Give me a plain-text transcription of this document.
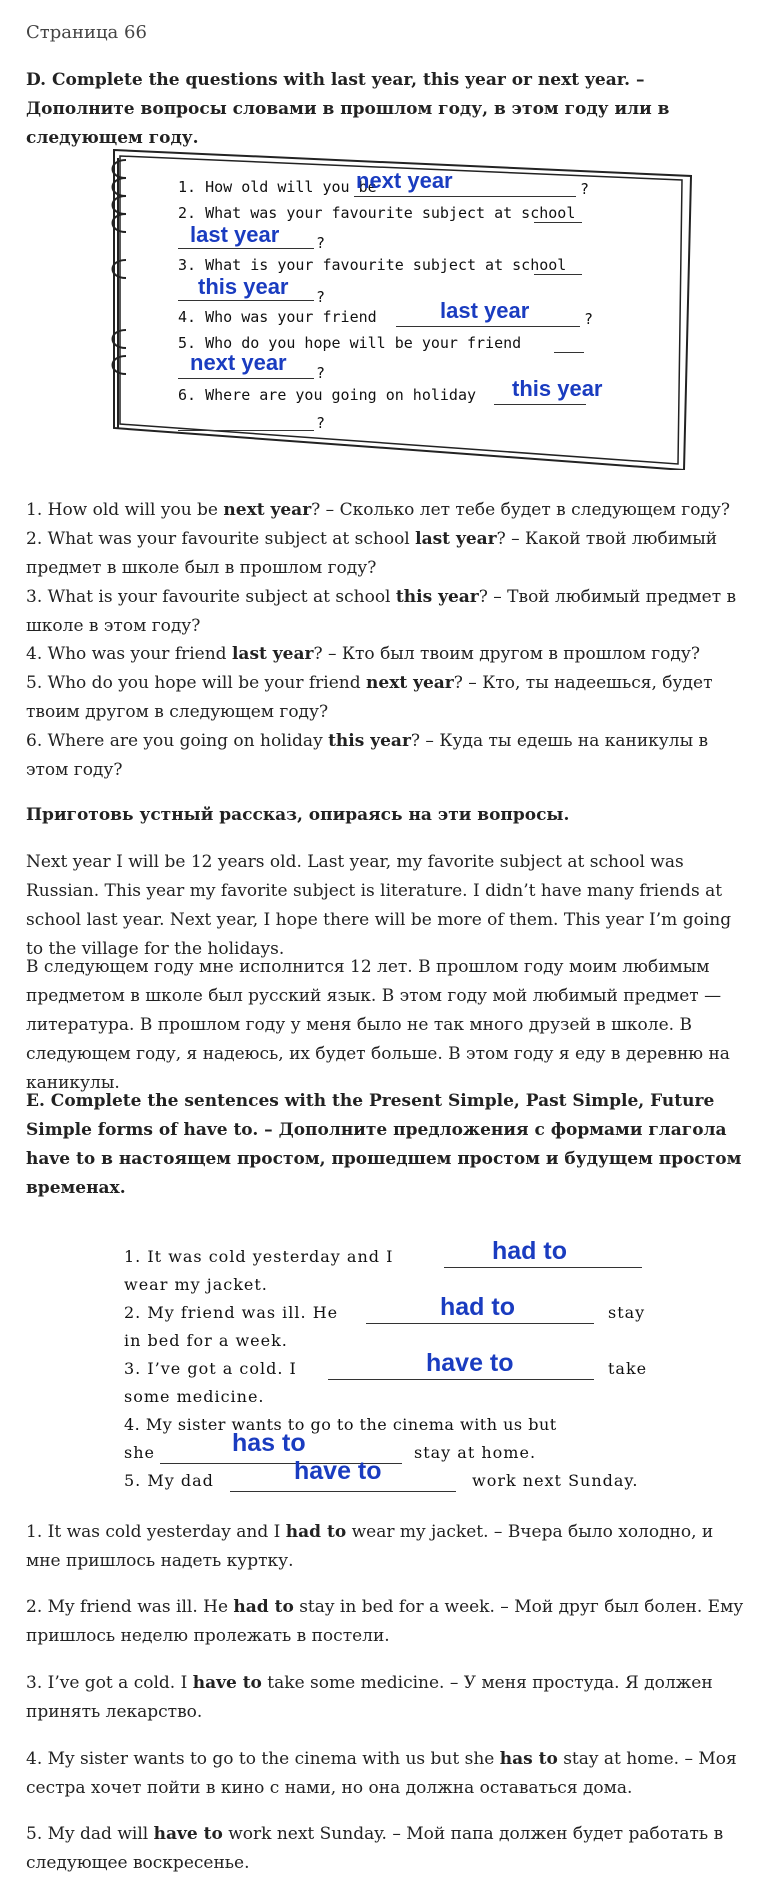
Страница 66
D. Complete the questions with last year, this year or next year. – Дополните вопросы словами в прошлом году, в этом году или в следующем году.
1. How old will you be
next year	?
2. What was your favourite subject at school
last year ?
3. What is your favourite subject at school
this year ?
4. Who was your friend	last year	?
5. Who do you hope will be your friend
next year ?
6. Where are you going on holiday this year
?
1. How old will you be next year? – Сколько лет тебе будет в следующем году?
2. What was your favourite subject at school last year? – Какой твой любимый предмет в школе был в прошлом году?
3. What is your favourite subject at school this year? – Твой любимый предмет в школе в этом году?
4. Who was your friend last year? – Кто был твоим другом в прошлом году?
5. Who do you hope will be your friend next year? – Кто, ты надеешься, будет твоим другом в следующем году?
6. Where are you going on holiday this year? – Куда ты едешь на каникулы в этом году?
Приготовь устный рассказ, опираясь на эти вопросы.
Next year I will be 12 years old. Last year, my favorite subject at school was Russian. This year my favorite subject is literature. I didn’t have many friends at school last year. Next year, I hope there will be more of them. This year I’m going to the village for the holidays.
В следующем году мне исполнится 12 лет. В прошлом году моим любимым предметом в школе был русский язык. В этом году мой любимый предмет — литература. В прошлом году у меня было не так много друзей в школе. В следующем году, я надеюсь, их будет больше. В этом году я еду в деревню на каникулы.
E. Complete the sentences with the Present Simple, Past Simple, Future Simple forms of have to. – Дополните предложения с формами глагола have to в настоящем простом, прошедшем простом и будущем простом временах.
1. It was cold yesterday and I	had to
wear my jacket.
2. My friend was ill. He	had to	stay
in bed for a week.
3. I’ve got a cold. I	have to	take
some medicine.
4. My sister wants to go to the cinema with us but
she	has to	stay at home.
5. My dad	have to	work next Sunday.
1. It was cold yesterday and I had to wear my jacket. – Вчера было холодно, и мне пришлось надеть куртку.
2. My friend was ill. He had to stay in bed for a week. – Мой друг был болен. Ему пришлось неделю пролежать в постели.
3. I’ve got a cold. I have to take some medicine. – У меня простуда. Я должен принять лекарство.
4. My sister wants to go to the cinema with us but she has to stay at home. – Моя сестра хочет пойти в кино с нами, но она должна оставаться дома.
5. My dad will have to work next Sunday. – Мой папа должен будет работать в следующее воскресенье.
